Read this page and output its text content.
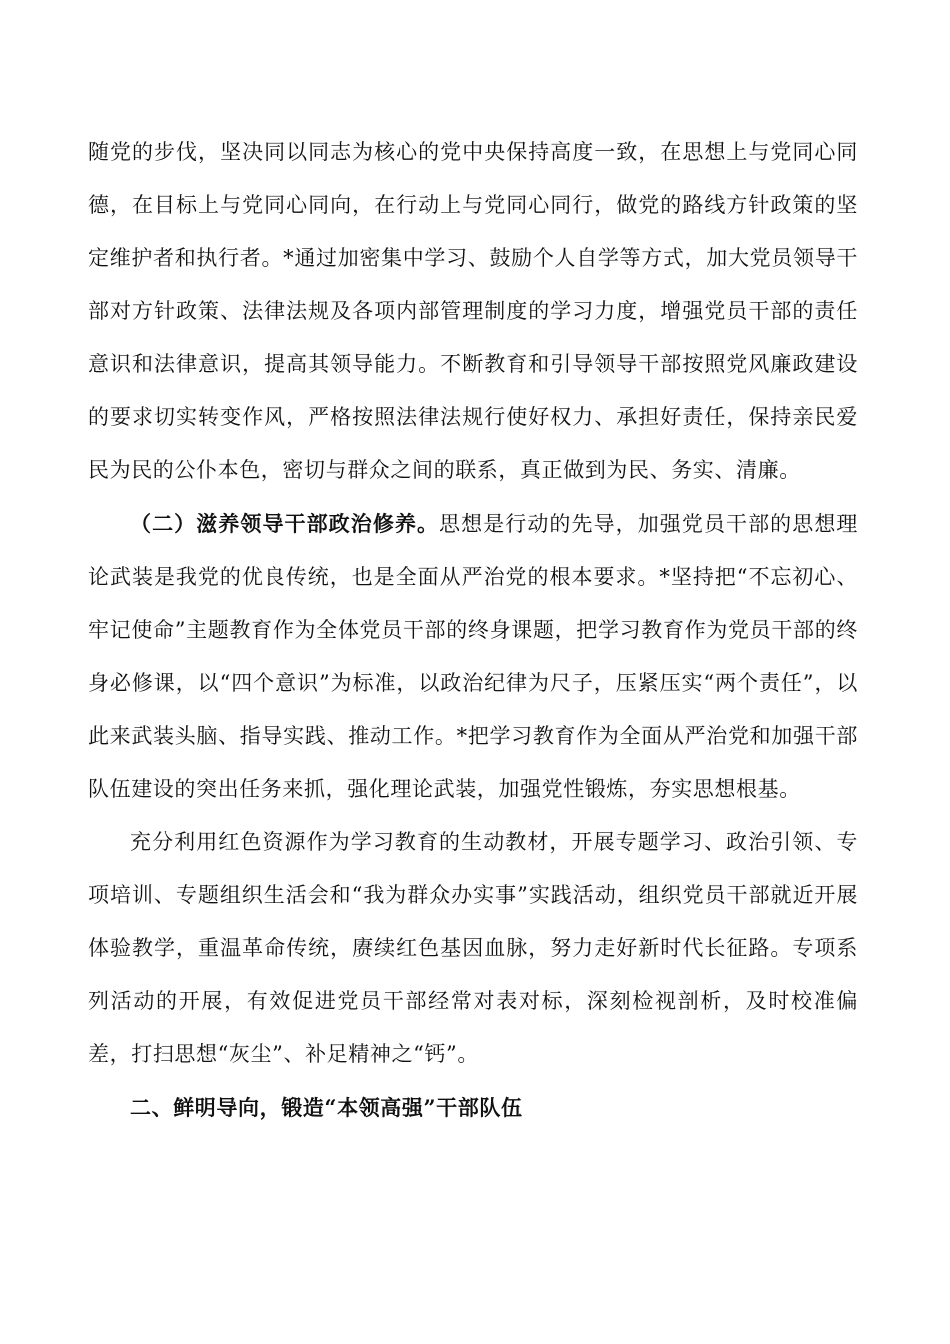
随党的步伐，坚决同以同志为核心的党中央保持高度一致，在思想上与党同心同德，在目标上与党同心同向，在行动上与党同心同行，做党的路线方针政策的坚定维护者和执行者。*通过加密集中学习、鼓励个人自学等方式，加大党员领导干部对方针政策、法律法规及各项内部管理制度的学习力度，增强党员干部的责任意识和法律意识，提高其领导能力。不断教育和引导领导干部按照党风廉政建设的要求切实转变作风，严格按照法律法规行使好权力、承担好责任，保持亲民爱民为民的公仆本色，密切与群众之间的联系，真正做到为民、务实、清廉。

（二）滋养领导干部政治修养。思想是行动的先导，加强党员干部的思想理论武装是我党的优良传统，也是全面从严治党的根本要求。*坚持把“不忘初心、牢记使命”主题教育作为全体党员干部的终身课题，把学习教育作为党员干部的终身必修课，以“四个意识”为标准，以政治纪律为尺子，压紧压实“两个责任”，以此来武装头脑、指导实践、推动工作。*把学习教育作为全面从严治党和加强干部队伍建设的突出任务来抓，强化理论武装，加强党性锻炼，夯实思想根基。

充分利用红色资源作为学习教育的生动教材，开展专题学习、政治引领、专项培训、专题组织生活会和“我为群众办实事”实践活动，组织党员干部就近开展体验教学，重温革命传统，赓续红色基因血脉，努力走好新时代长征路。专项系列活动的开展，有效促进党员干部经常对表对标，深刻检视剖析，及时校准偏差，打扫思想“灰尘”、补足精神之“钙”。

二、鲜明导向，锻造“本领高强”干部队伍
